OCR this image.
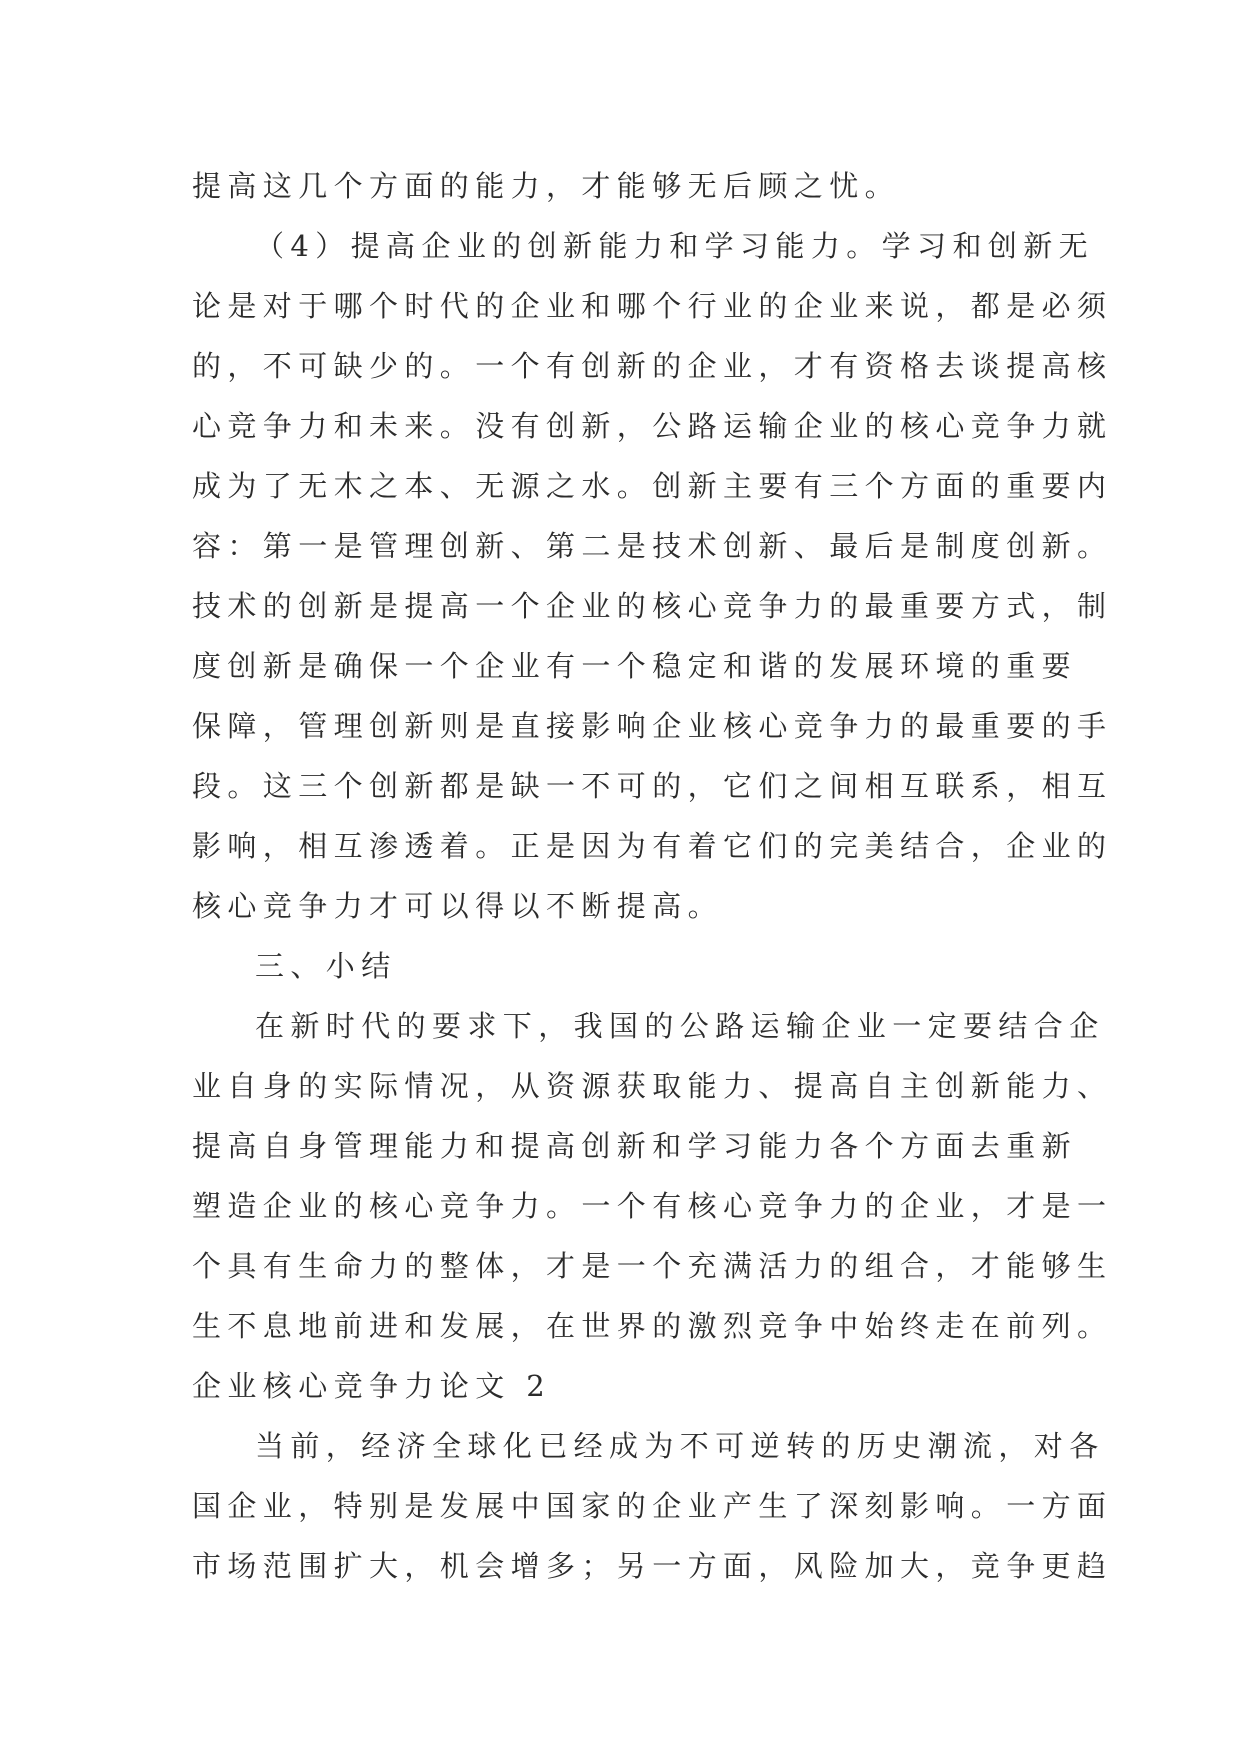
提高这几个方面的能力，才能够无后顾之忧。
（4）提高企业的创新能力和学习能力。学习和创新无
论是对于哪个时代的企业和哪个行业的企业来说，都是必须
的，不可缺少的。一个有创新的企业，才有资格去谈提高核
心竞争力和未来。没有创新，公路运输企业的核心竞争力就
成为了无木之本、无源之水。创新主要有三个方面的重要内
容：第一是管理创新、第二是技术创新、最后是制度创新。
技术的创新是提高一个企业的核心竞争力的最重要方式，制
度创新是确保一个企业有一个稳定和谐的发展环境的重要
保障，管理创新则是直接影响企业核心竞争力的最重要的手
段。这三个创新都是缺一不可的，它们之间相互联系，相互
影响，相互渗透着。正是因为有着它们的完美结合，企业的
核心竞争力才可以得以不断提高。
三、小结
在新时代的要求下，我国的公路运输企业一定要结合企
业自身的实际情况，从资源获取能力、提高自主创新能力、
提高自身管理能力和提高创新和学习能力各个方面去重新
塑造企业的核心竞争力。一个有核心竞争力的企业，才是一
个具有生命力的整体，才是一个充满活力的组合，才能够生
生不息地前进和发展，在世界的激烈竞争中始终走在前列。
企业核心竞争力论文 2
当前，经济全球化已经成为不可逆转的历史潮流，对各
国企业，特别是发展中国家的企业产生了深刻影响。一方面
市场范围扩大，机会增多；另一方面，风险加大，竞争更趋
